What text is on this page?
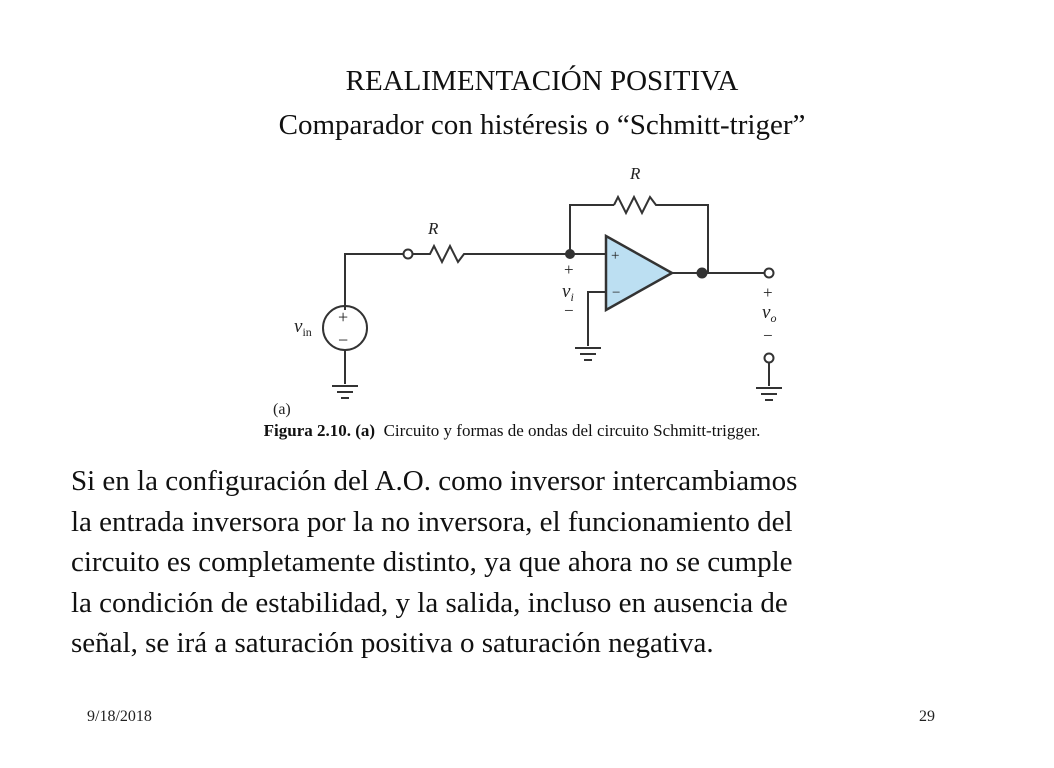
REALIMENTACIÓN POSITIVA
Comparador con histéresis o “Schmitt-triger”
R
R
+
−
$v_{in}$
+
$v_i$
−
+
−	+
$v_o$
−
(a)
Figura 2.10. (a) Circuito y formas de ondas del circuito Schmitt-trigger.
Si en la configuración del A.O. como inversor intercambiamos
la entrada inversora por la no inversora, el funcionamiento del
circuito es completamente distinto, ya que ahora no se cumple
la condición de estabilidad, y la salida, incluso en ausencia de
señal, se irá a saturación positiva o saturación negativa.
9/18/2018	29
